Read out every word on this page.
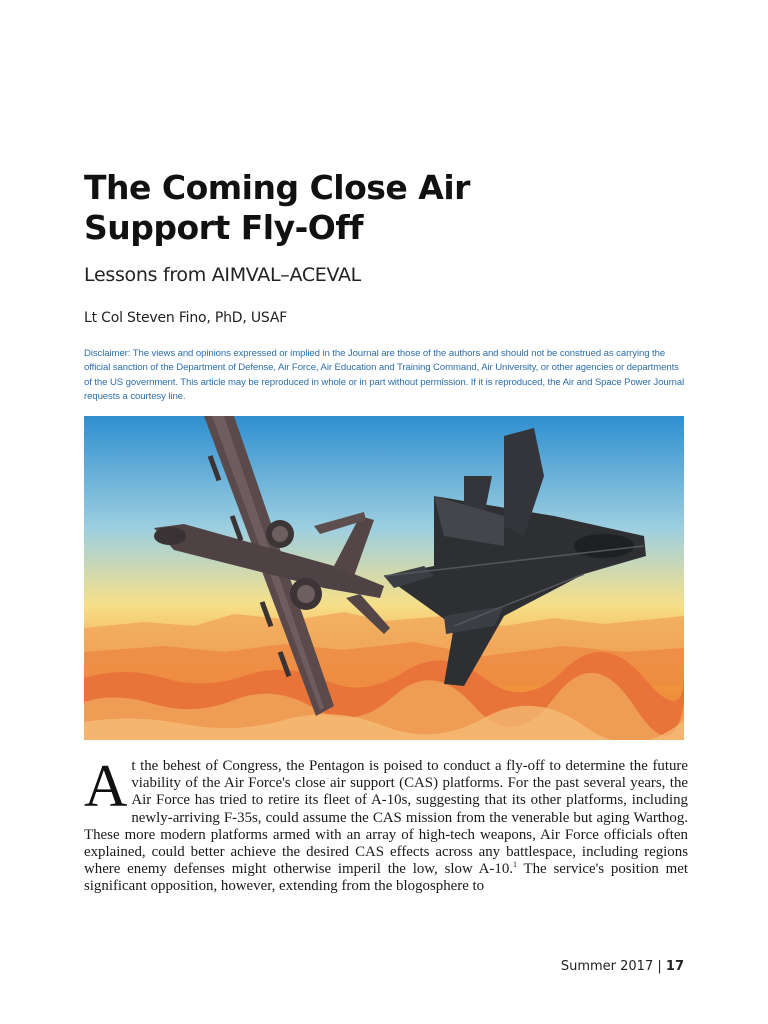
The Coming Close Air
Support Fly-Off
Lessons from AIMVAL–ACEVAL
Lt Col Steven Fino, PhD, USAF
Disclaimer: The views and opinions expressed or implied in the Journal are those of the authors and should not be construed as carrying the official sanction of the Department of Defense, Air Force, Air Education and Training Command, Air University, or other agencies or departments of the US government. This article may be reproduced in whole or in part without permission. If it is reproduced, the Air and Space Power Journal requests a courtesy line.

At the behest of Congress, the Pentagon is poised to conduct a fly-off to determine the future viability of the Air Force's close air support (CAS) platforms. For the past several years, the Air Force has tried to retire its fleet of A-10s, suggesting that its other platforms, including newly-arriving F-35s, could assume the CAS mission from the venerable but aging Warthog. These more modern platforms armed with an array of high-tech weapons, Air Force officials often explained, could better achieve the desired CAS effects across any battlespace, including regions where enemy defenses might otherwise imperil the low, slow A-10.$^1$ The service's position met significant opposition, however, extending from the blogosphere to

Summer 2017 | 17
